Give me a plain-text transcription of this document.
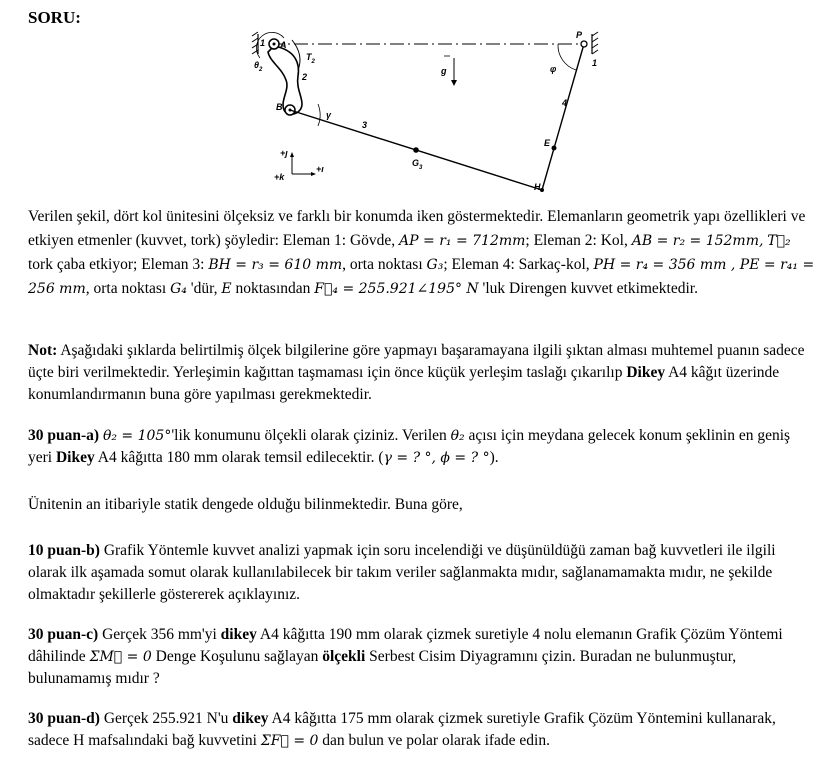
SORU:
A
1
P
1
B
2
$T_2$
$\theta_2$
γ
3
$G_3$
g	φ
4
E
H
+ȷ
+ı
+k
Verilen şekil, dört kol ünitesini ölçeksiz ve farklı bir konumda iken göstermektedir. Elemanların geometrik yapı özellikleri ve etkiyen etmenler (kuvvet, tork) şöyledir: Eleman 1: Gövde, AP = r₁ = 712mm; Eleman 2: Kol, AB = r₂ = 152mm, T⃗₂ tork çaba etkiyor; Eleman 3: BH = r₃ = 610 mm, orta noktası G₃; Eleman 4: Sarkaç-kol, PH = r₄ = 356 mm , PE = r₄₁ = 256 mm, orta noktası G₄ 'dür, E noktasından F⃗₄ = 255.921∠195° N 'luk Direngen kuvvet etkimektedir.
Not: Aşağıdaki şıklarda belirtilmiş ölçek bilgilerine göre yapmayı başaramayana ilgili şıktan alması muhtemel puanın sadece üçte biri verilmektedir. Yerleşimin kağıttan taşmaması için önce küçük yerleşim taslağı çıkarılıp Dikey A4 kâğıt üzerinde konumlandırmanın buna göre yapılması gerekmektedir.
30 puan-a) θ₂ = 105°'lik konumunu ölçekli olarak çiziniz. Verilen θ₂ açısı için meydana gelecek konum şeklinin en geniş yeri Dikey A4 kâğıtta 180 mm olarak temsil edilecektir. (γ = ? °, ϕ = ? °).
Ünitenin an itibariyle statik dengede olduğu bilinmektedir. Buna göre,
10 puan-b) Grafik Yöntemle kuvvet analizi yapmak için soru incelendiği ve düşünüldüğü zaman bağ kuvvetleri ile ilgili olarak ilk aşamada somut olarak kullanılabilecek bir takım veriler sağlanmakta mıdır, sağlanamamakta mıdır, ne şekilde olmaktadır şekillerle göstererek açıklayınız.
30 puan-c) Gerçek 356 mm'yi dikey A4 kâğıtta 190 mm olarak çizmek suretiyle 4 nolu elemanın Grafik Çözüm Yöntemi dâhilinde ΣM⃗ = 0 Denge Koşulunu sağlayan ölçekli Serbest Cisim Diyagramını çizin. Buradan ne bulunmuştur, bulunamamış mıdır ?
30 puan-d) Gerçek 255.921 N'u dikey A4 kâğıtta 175 mm olarak çizmek suretiyle Grafik Çözüm Yöntemini kullanarak, sadece H mafsalındaki bağ kuvvetini ΣF⃗ = 0 dan bulun ve polar olarak ifade edin.
